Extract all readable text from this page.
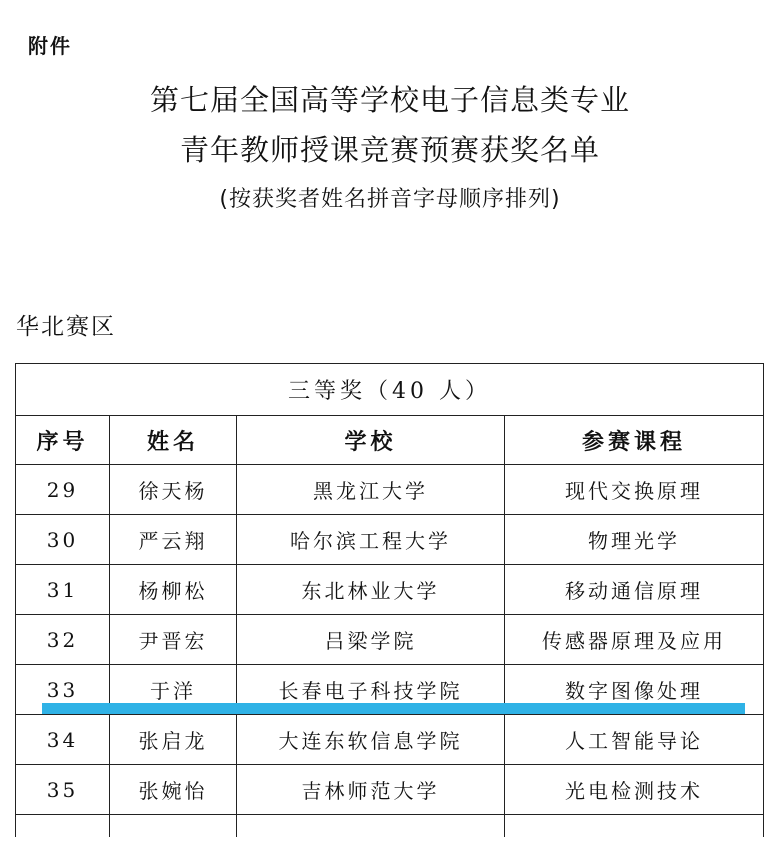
附件
第七届全国高等学校电子信息类专业
青年教师授课竞赛预赛获奖名单
(按获奖者姓名拼音字母顺序排列)
华北赛区
三等奖（40 人）			
序号	姓名	学校	参赛课程
29	徐天杨	黑龙江大学	现代交换原理
30	严云翔	哈尔滨工程大学	物理光学
31	杨柳松	东北林业大学	移动通信原理
32	尹晋宏	吕梁学院	传感器原理及应用
33	于洋	长春电子科技学院	数字图像处理
34	张启龙	大连东软信息学院	人工智能导论
35	张婉怡	吉林师范大学	光电检测技术
